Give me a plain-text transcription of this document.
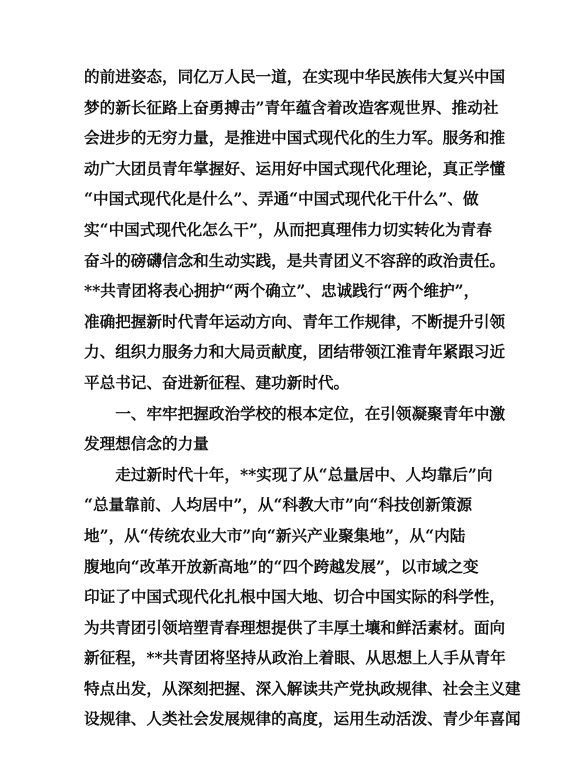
的前进姿态，同亿万人民一道，在实现中华民族伟大复兴中国
梦的新长征路上奋勇搏击”青年蕴含着改造客观世界、推动社
会进步的无穷力量，是推进中国式现代化的生力军。服务和推
动广大团员青年掌握好、运用好中国式现代化理论，真正学懂
“中国式现代化是什么”、弄通“中国式现代化干什么”、做
实“中国式现代化怎么干”，从而把真理伟力切实转化为青春
奋斗的磅礴信念和生动实践，是共青团义不容辞的政治责任。
**共青团将表心拥护“两个确立”、忠诚践行“两个维护”，
准确把握新时代青年运动方向、青年工作规律，不断提升引领
力、组织力服务力和大局贡献度，团结带领江淮青年紧跟习近
平总书记、奋进新征程、建功新时代。
　　一、牢牢把握政治学校的根本定位，在引领凝聚青年中激
发理想信念的力量
　　走过新时代十年，**实现了从“总量居中、人均靠后”向
“总量靠前、人均居中”，从“科教大市”向“科技创新策源
地”，从“传统农业大市”向“新兴产业聚集地”，从“内陆
腹地向“改革开放新高地”的“四个跨越发展”，以市域之变
印证了中国式现代化扎根中国大地、切合中国实际的科学性，
为共青团引领培塑青春理想提供了丰厚土壤和鲜活素材。面向
新征程，**共青团将坚持从政治上着眼、从思想上人手从青年
特点出发，从深刻把握、深入解读共产党执政规律、社会主义建
设规律、人类社会发展规律的高度，运用生动活泼、青少年喜闻
